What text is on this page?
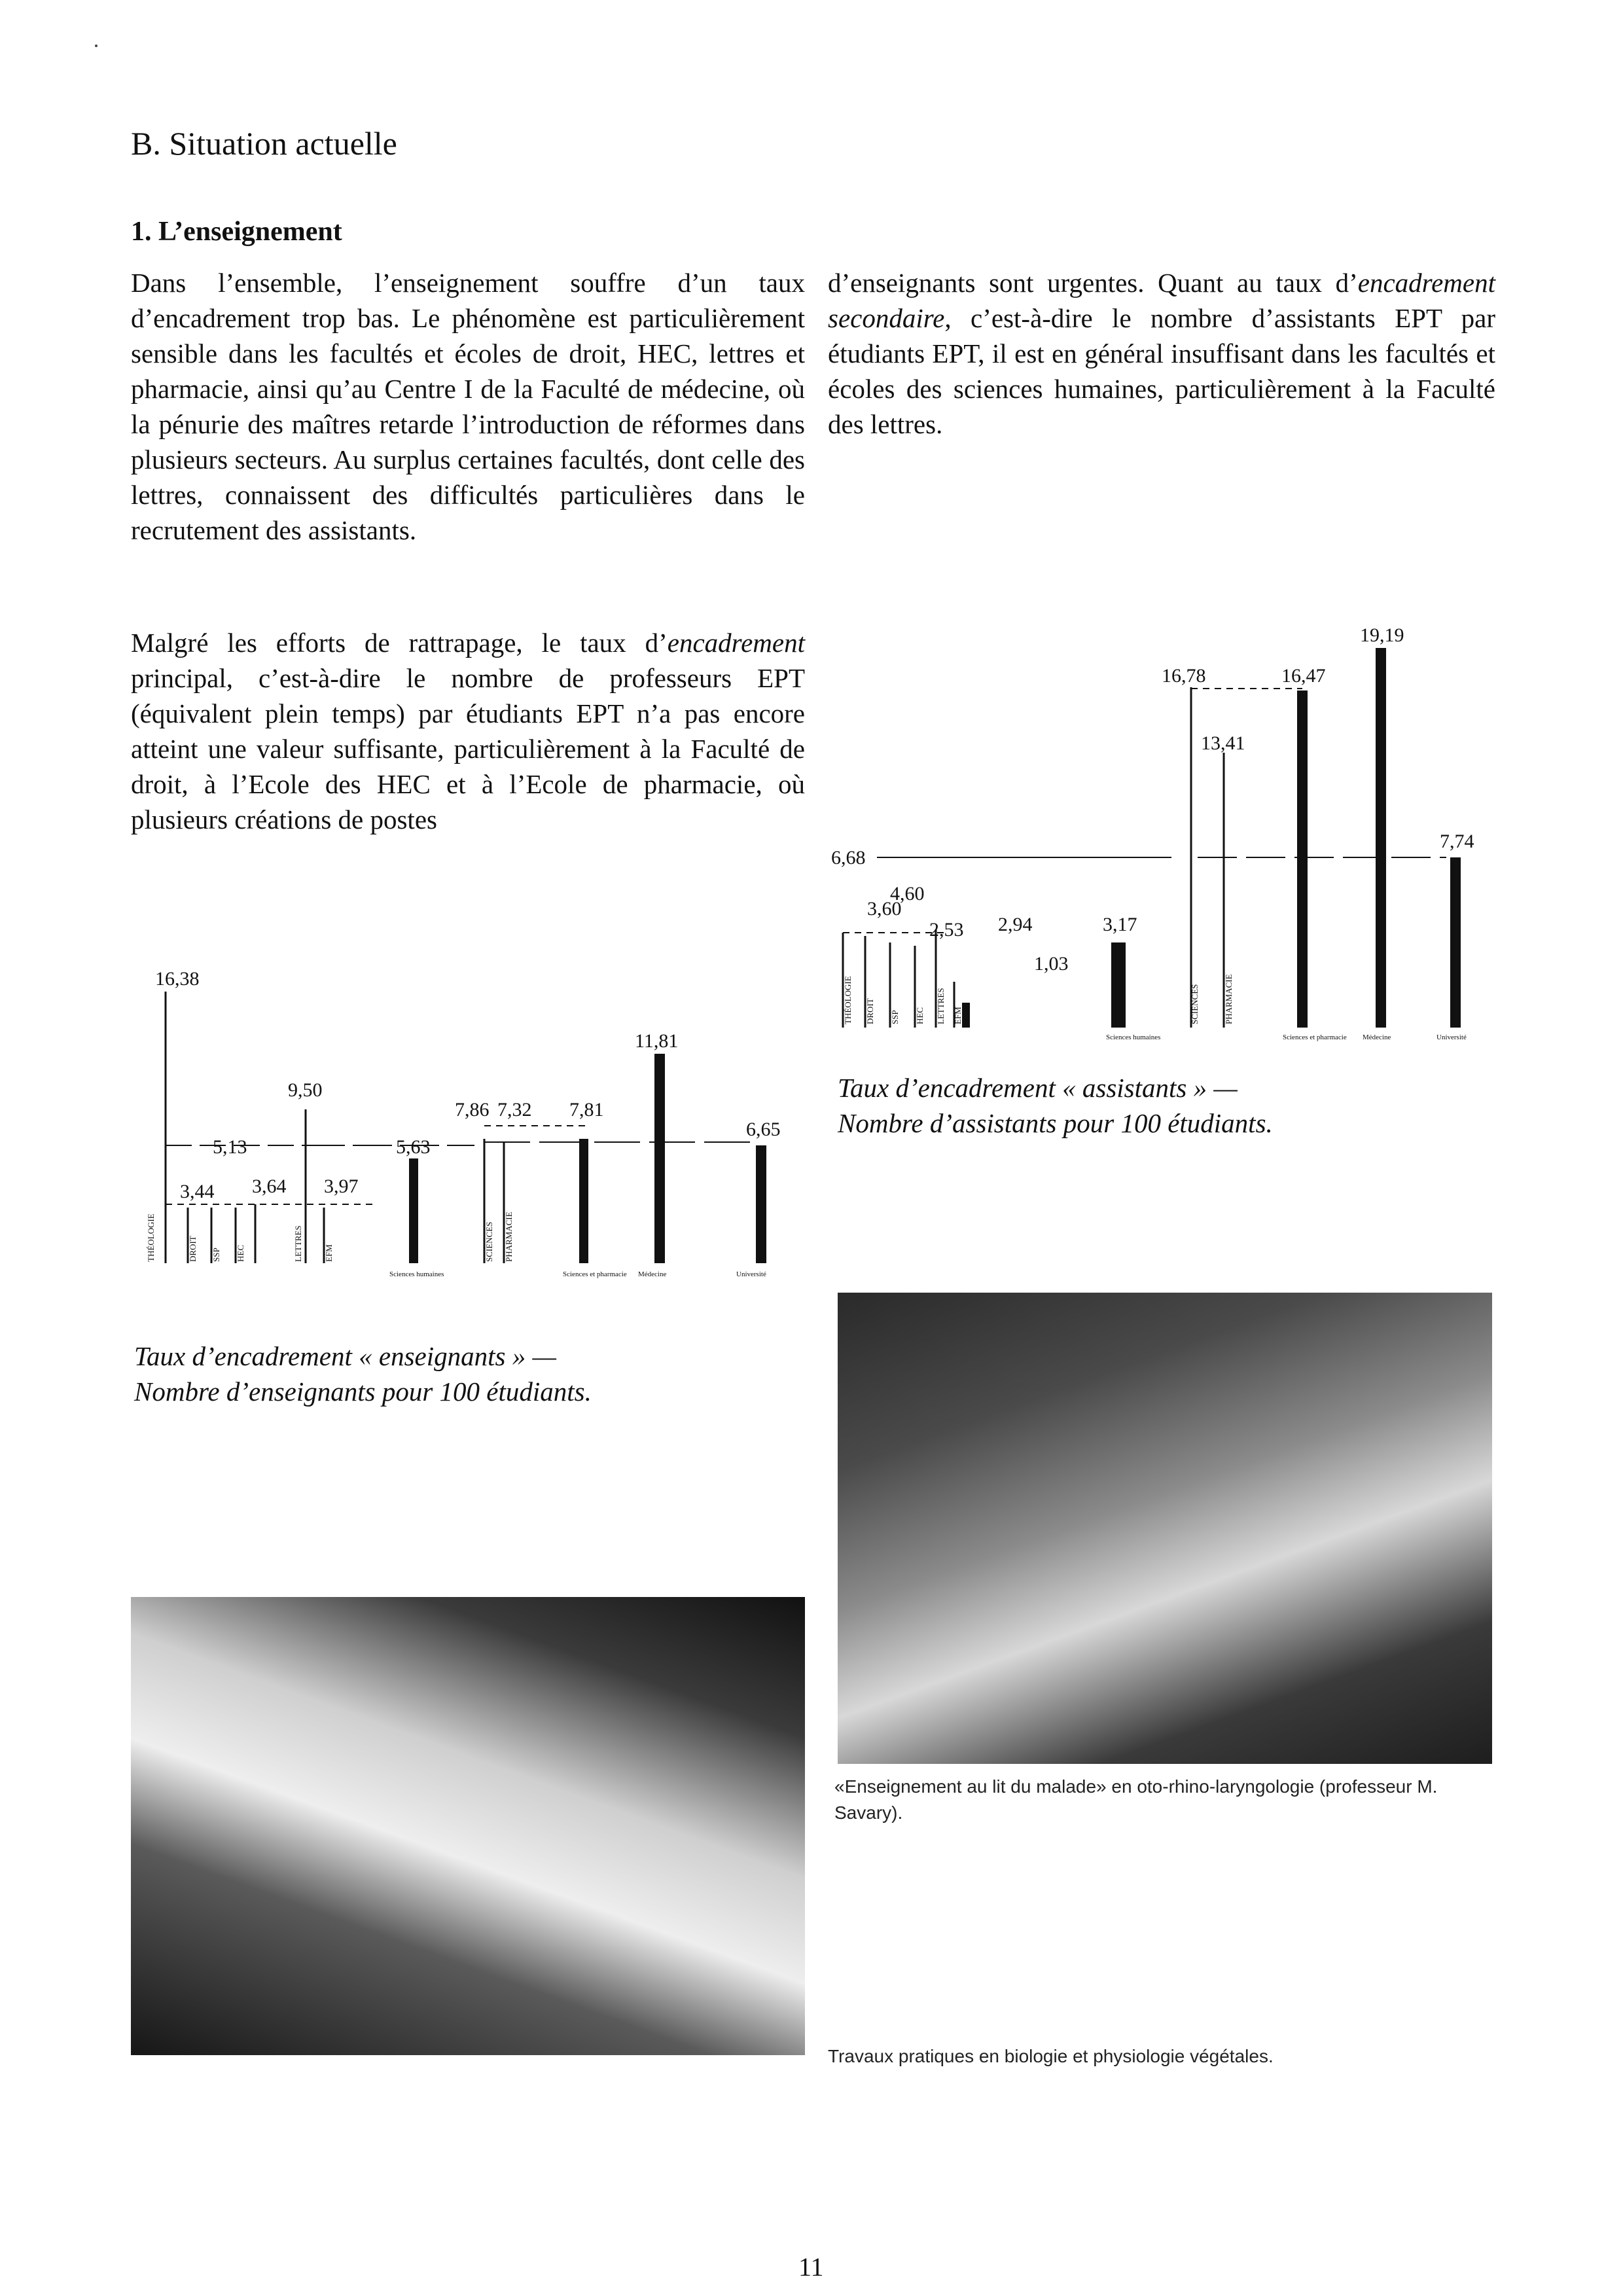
B. Situation actuelle
1. L’enseignement

Dans l’ensemble, l’enseignement souffre d’un taux d’encadrement trop bas. Le phénomène est particulièrement sensible dans les facultés et écoles de droit, HEC, lettres et pharmacie, ainsi qu’au Centre I de la Faculté de médecine, où la pénurie des maîtres retarde l’introduction de réformes dans plusieurs secteurs. Au surplus certaines facultés, dont celle des lettres, connaissent des difficultés particulières dans le recrutement des assistants.

Malgré les efforts de rattrapage, le taux d’encadrement principal, c’est-à-dire le nombre de professeurs EPT (équivalent plein temps) par étudiants EPT n’a pas encore atteint une valeur suffisante, particulièrement à la Faculté de droit, à l’Ecole des HEC et à l’Ecole de pharmacie, où plusieurs créations de postes

d’enseignants sont urgentes. Quant au taux d’encadrement secondaire, c’est-à-dire le nombre d’assistants EPT par étudiants EPT, il est en général insuffisant dans les facultés et écoles des sciences humaines, particulièrement à la Faculté des lettres.

6,68
3,60
4,60
2,53 2,94	3,17
1,03
16,78
13,41
16,47
19,19
7,74
THÉOLOGIE DROIT SSP HEC LETTRES EFM	SCIENCES	PHARMACIE
Sciences humaines	Sciences et pharmacie Médecine	Université
Taux d’encadrement « assistants » —
Nombre d’assistants pour 100 étudiants.
16,38
5,13
3,44 3,64
9,50
3,97
5,63
7,86 7,32 7,81
11,81
6,65
THÉOLOGIE	DROIT SSP HEC	LETTRES EFM	SCIENCES PHARMACIE
Sciences humaines	Sciences et pharmacie Médecine	Université
Taux d’encadrement « enseignants » —
Nombre d’enseignants pour 100 étudiants.
«Enseignement au lit du malade» en oto-rhino-laryngologie (professeur M. Savary).
Travaux pratiques en biologie et physiologie végétales.
11
